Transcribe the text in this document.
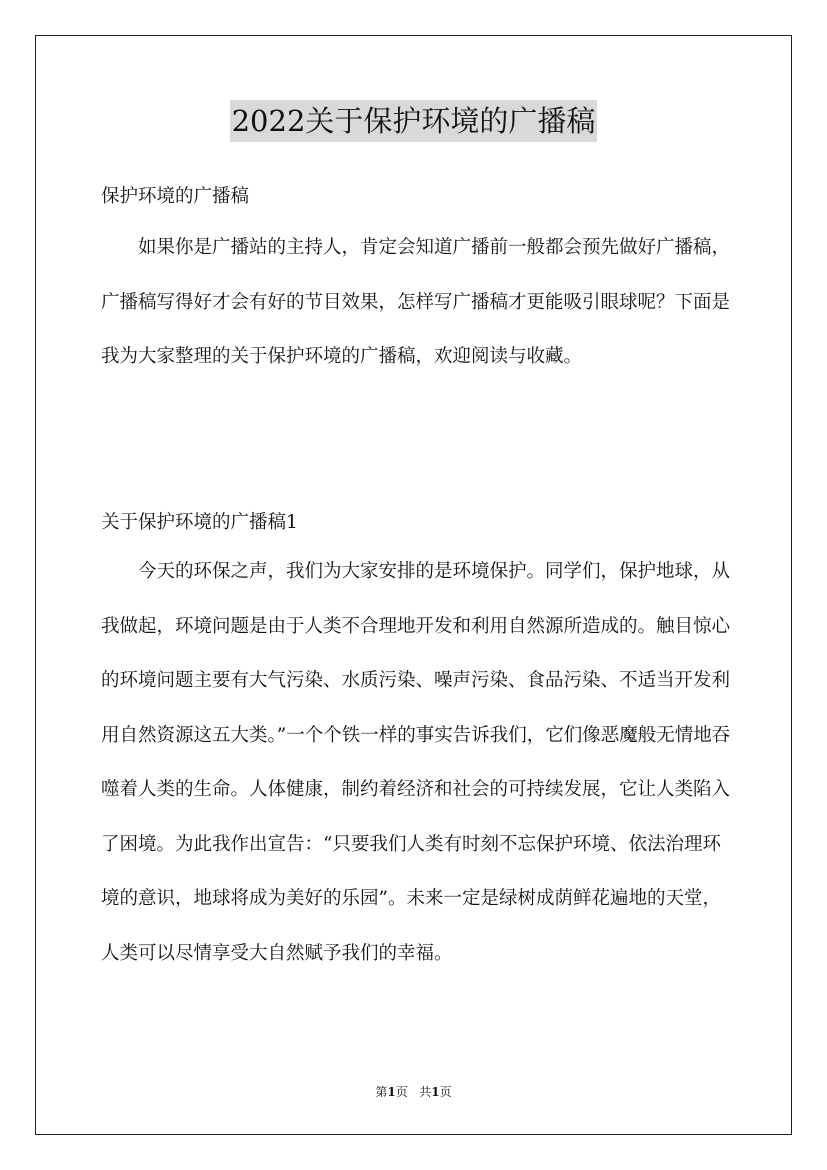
2022关于保护环境的广播稿
保护环境的广播稿

如果你是广播站的主持人，肯定会知道广播前一般都会预先做好广播稿，广播稿写得好才会有好的节目效果，怎样写广播稿才更能吸引眼球呢？下面是我为大家整理的关于保护环境的广播稿，欢迎阅读与收藏。

关于保护环境的广播稿1

今天的环保之声，我们为大家安排的是环境保护。同学们，保护地球，从我做起，环境问题是由于人类不合理地开发和利用自然源所造成的。触目惊心的环境问题主要有大气污染、水质污染、噪声污染、食品污染、不适当开发利用自然资源这五大类。”一个个铁一样的事实告诉我们，它们像恶魔般无情地吞噬着人类的生命。人体健康，制约着经济和社会的可持续发展，它让人类陷入了困境。为此我作出宣告：“只要我们人类有时刻不忘保护环境、依法治理环境的意识，地球将成为美好的乐园”。未来一定是绿树成荫鲜花遍地的天堂，人类可以尽情享受大自然赋予我们的幸福。

第1页 共1页
